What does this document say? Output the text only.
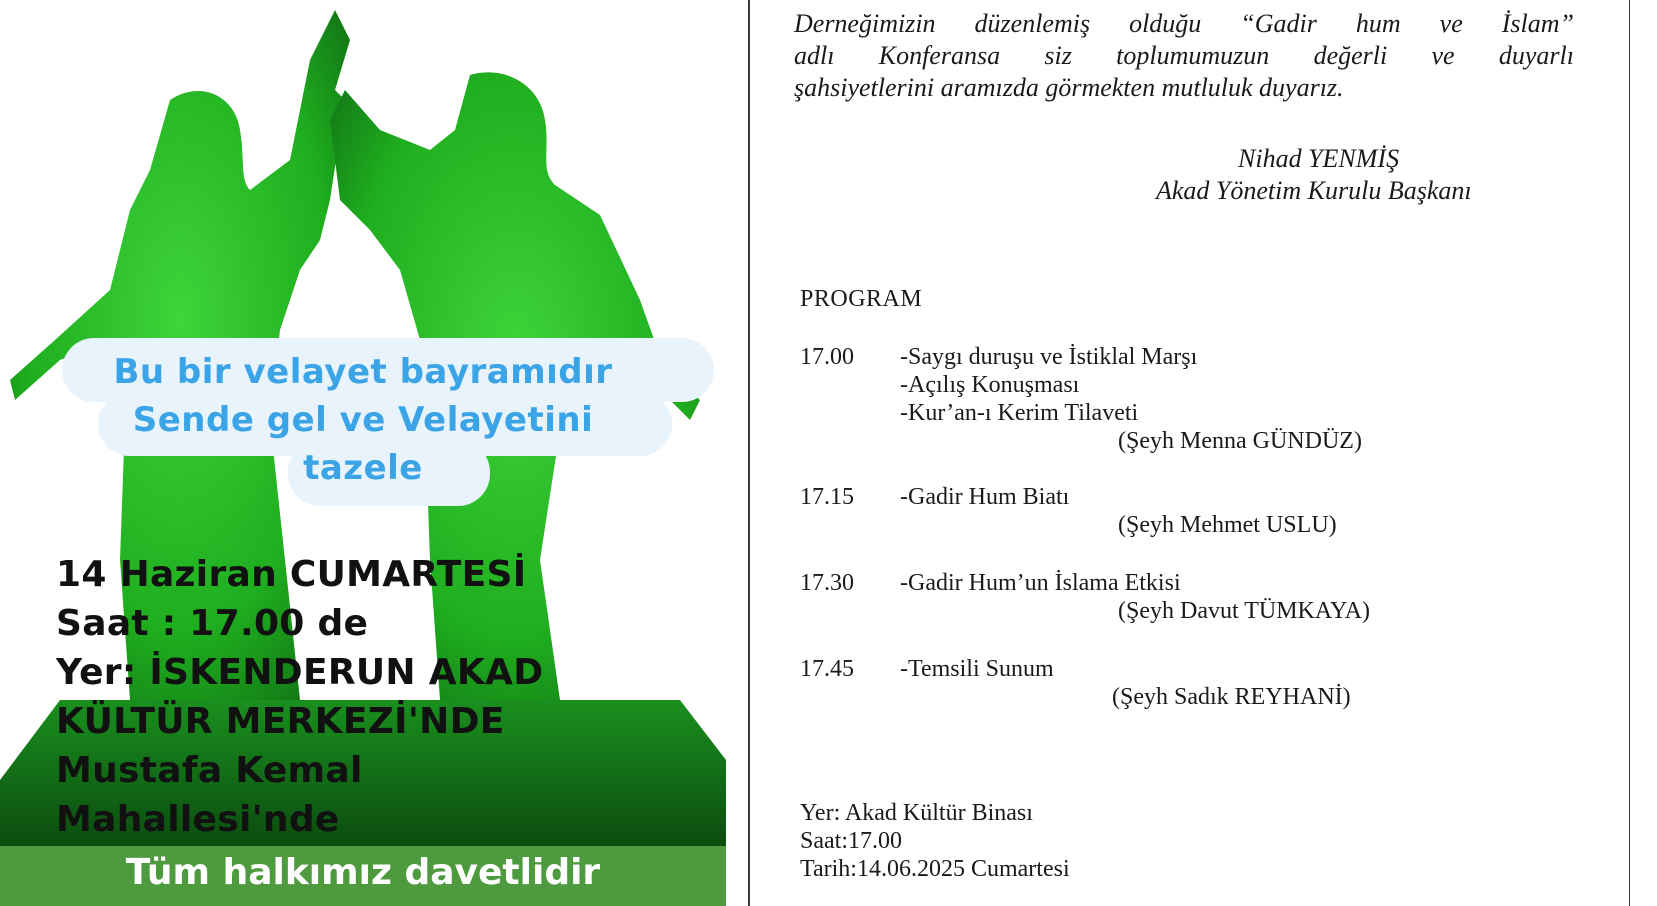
Bu bir velayet bayramıdır
Sende gel ve Velayetini
tazele
14 Haziran CUMARTESİ
Saat : 17.00 de
Yer: İSKENDERUN AKAD
KÜLTÜR MERKEZİ'NDE
Mustafa Kemal
Mahallesi'nde
Tüm halkımız davetlidir
Derneğimizin düzenlemiş olduğu “Gadir hum ve İslam”
adlı Konferansa siz toplumumuzun değerli ve duyarlı
şahsiyetlerini aramızda görmekten mutluluk duyarız.
Nihad YENMİŞ
Akad Yönetim Kurulu Başkanı
PROGRAM
17.00 -Saygı duruşu ve İstiklal Marşı
-Açılış Konuşması
-Kur’an-ı Kerim Tilaveti
(Şeyh Menna GÜNDÜZ)
17.15 -Gadir Hum Biatı
(Şeyh Mehmet USLU)
17.30 -Gadir Hum’un İslama Etkisi
(Şeyh Davut TÜMKAYA)
17.45 -Temsili Sunum
(Şeyh Sadık REYHANİ)
Yer: Akad Kültür Binası
Saat:17.00
Tarih:14.06.2025 Cumartesi
